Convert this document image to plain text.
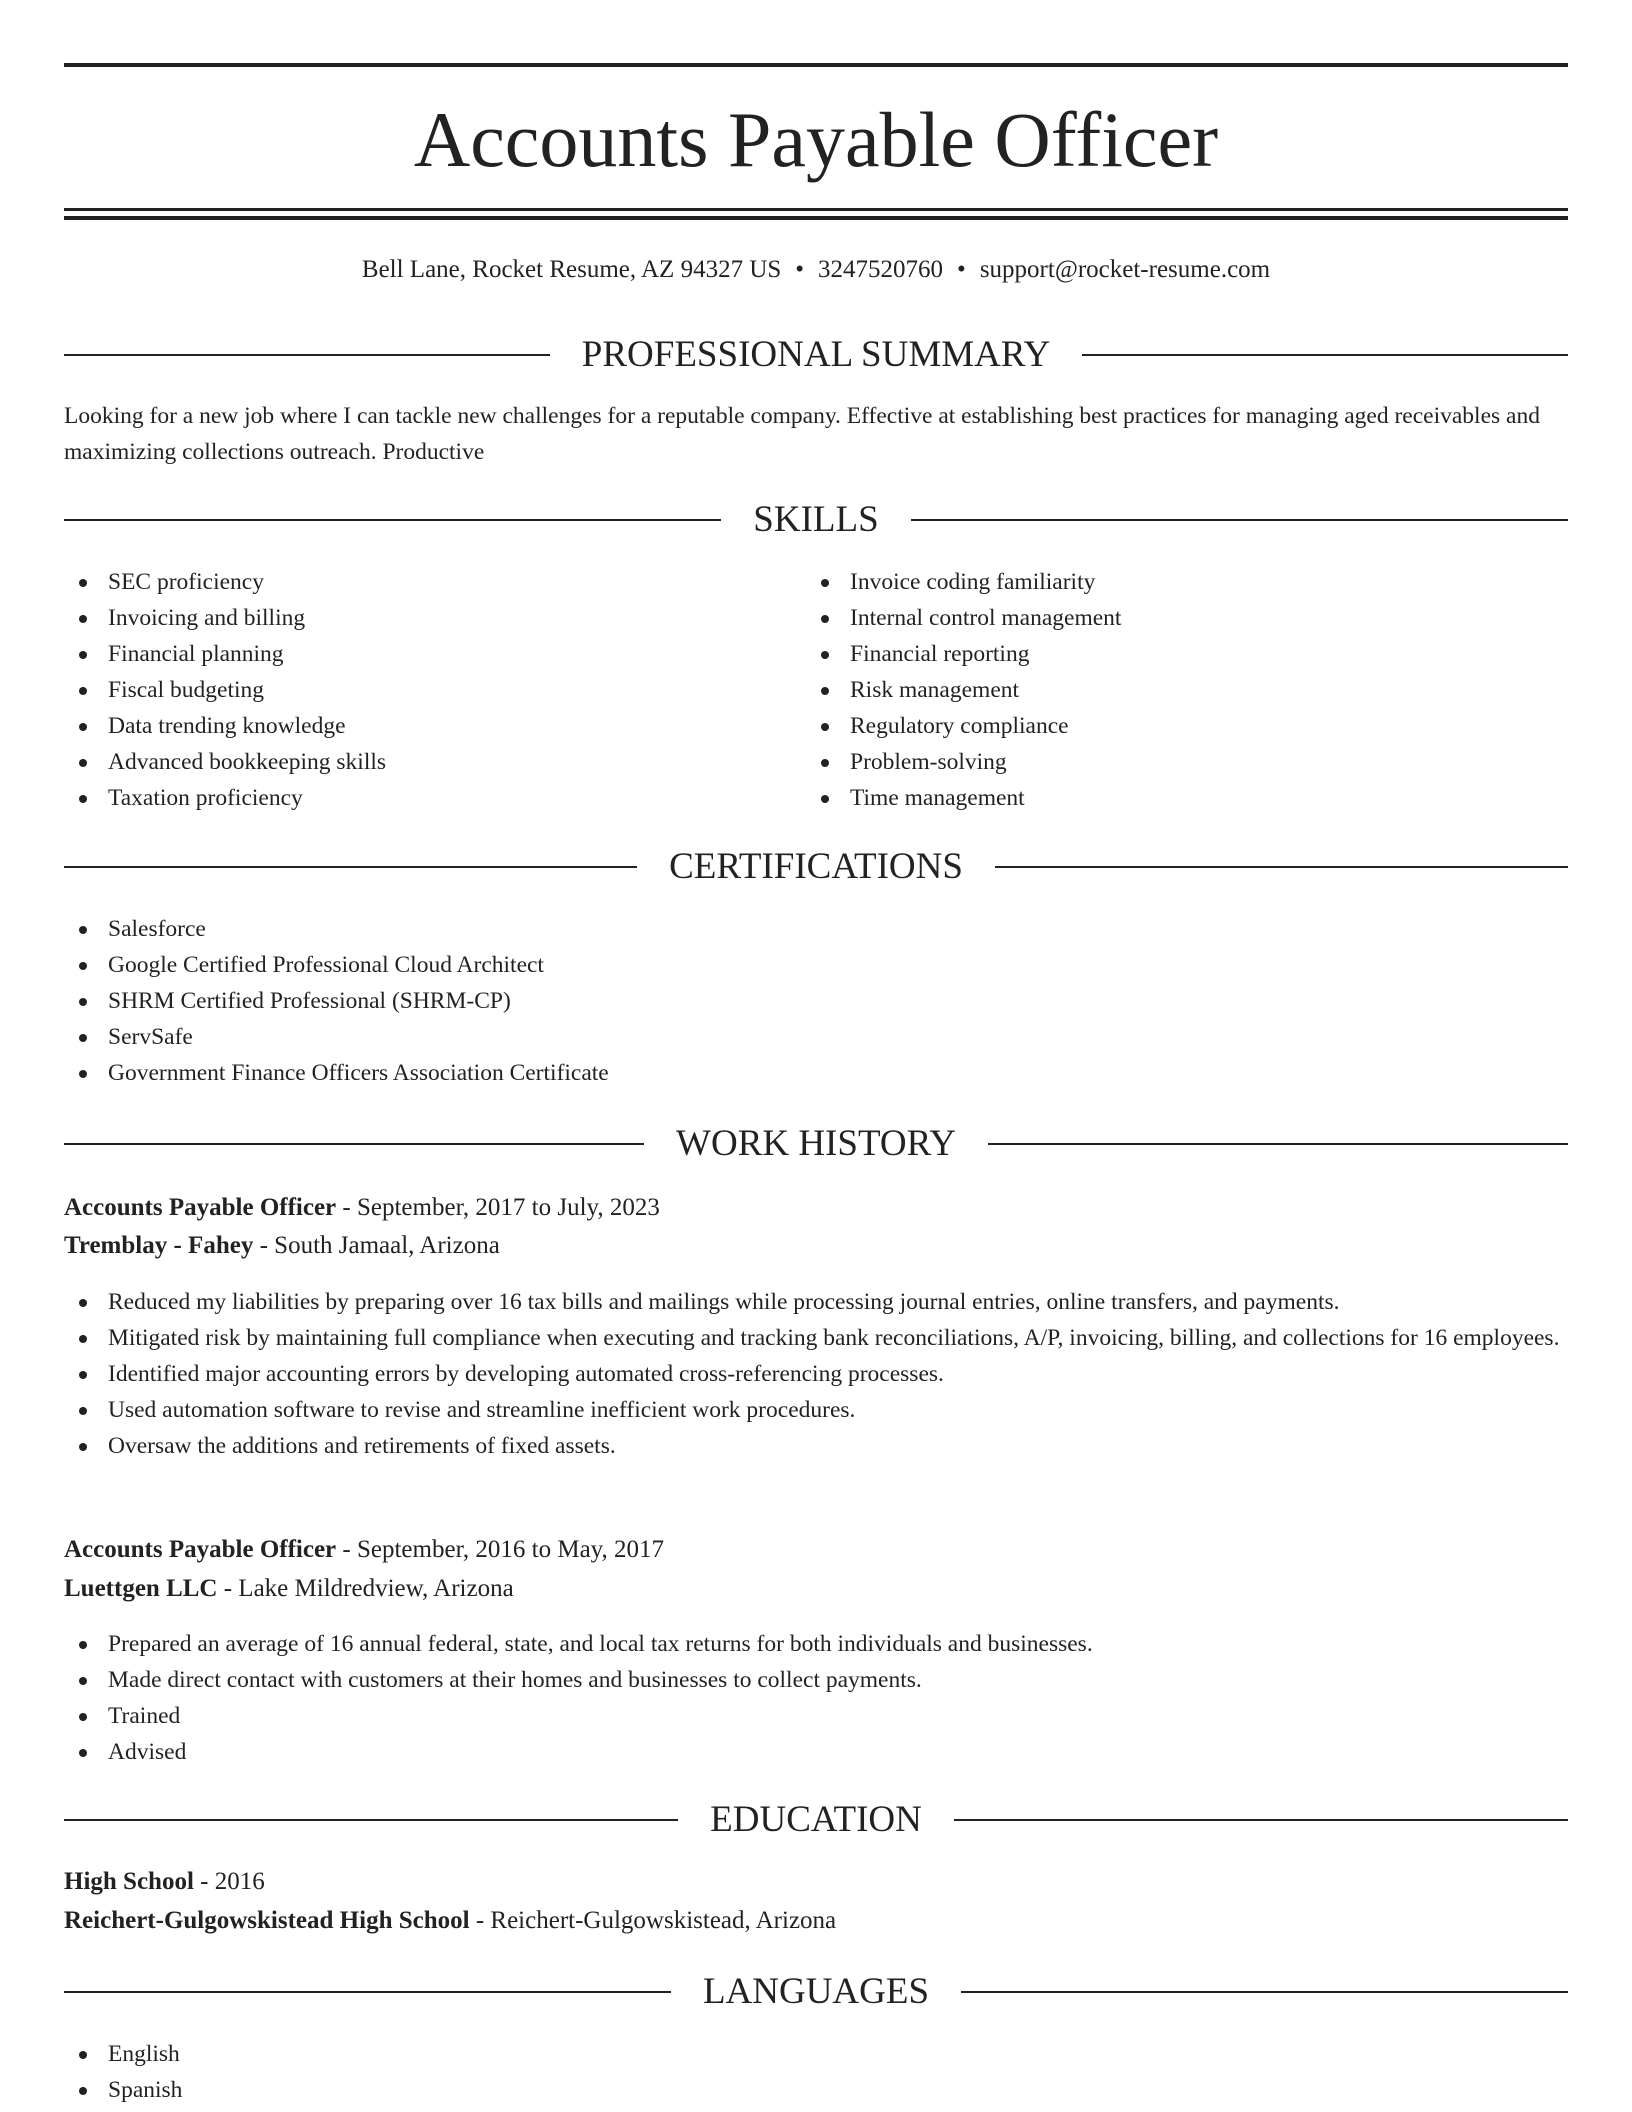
Accounts Payable Officer
Bell Lane, Rocket Resume, AZ 94327 US • 3247520760 • support@rocket-resume.com
PROFESSIONAL SUMMARY

Looking for a new job where I can tackle new challenges for a reputable company. Effective at establishing best practices for managing aged receivables and maximizing collections outreach. Productive

SKILLS
SEC proficiency
Invoicing and billing
Financial planning
Fiscal budgeting
Data trending knowledge
Advanced bookkeeping skills
Taxation proficiency
Invoice coding familiarity
Internal control management
Financial reporting
Risk management
Regulatory compliance
Problem-solving
Time management
CERTIFICATIONS
Salesforce
Google Certified Professional Cloud Architect
SHRM Certified Professional (SHRM-CP)
ServSafe
Government Finance Officers Association Certificate
WORK HISTORY
Accounts Payable Officer - September, 2017 to July, 2023
Tremblay - Fahey - South Jamaal, Arizona
Reduced my liabilities by preparing over 16 tax bills and mailings while processing journal entries, online transfers, and payments.
Mitigated risk by maintaining full compliance when executing and tracking bank reconciliations, A/P, invoicing, billing, and collections for 16 employees.
Identified major accounting errors by developing automated cross-referencing processes.
Used automation software to revise and streamline inefficient work procedures.
Oversaw the additions and retirements of fixed assets.
Accounts Payable Officer - September, 2016 to May, 2017
Luettgen LLC - Lake Mildredview, Arizona
Prepared an average of 16 annual federal, state, and local tax returns for both individuals and businesses.
Made direct contact with customers at their homes and businesses to collect payments.
Trained
Advised
EDUCATION
High School - 2016
Reichert-Gulgowskistead High School - Reichert-Gulgowskistead, Arizona
LANGUAGES
English
Spanish
